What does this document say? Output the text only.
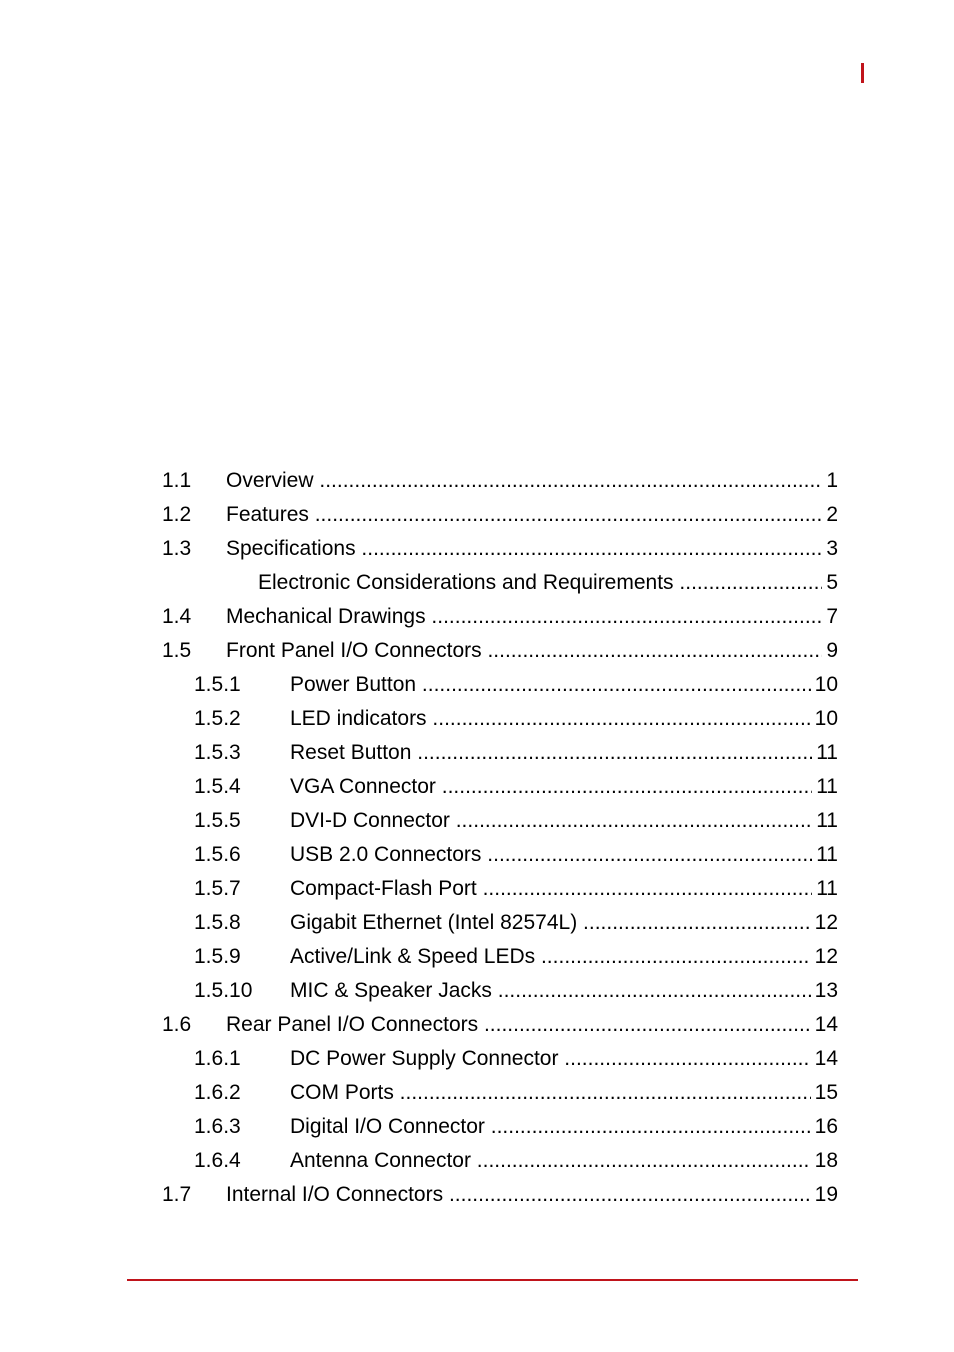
1.1 Overview .....	1
1.2 Features .....	2
1.3 Specifications .....	3
Electronic Considerations and Requirements .....	5
1.4 Mechanical Drawings .....	7
1.5 Front Panel I/O Connectors .....	9
1.5.1 Power Button .....	10
1.5.2 LED indicators .....	10
1.5.3 Reset Button .....	11
1.5.4 VGA Connector .....	11
1.5.5 DVI-D Connector .....	11
1.5.6 USB 2.0 Connectors .....	11
1.5.7 Compact-Flash Port .....	11
1.5.8 Gigabit Ethernet (Intel 82574L) .....	12
1.5.9 Active/Link & Speed LEDs .....	12
1.5.10 MIC & Speaker Jacks .....	13
1.6 Rear Panel I/O Connectors .....	14
1.6.1 DC Power Supply Connector .....	14
1.6.2 COM Ports .....	15
1.6.3 Digital I/O Connector .....	16
1.6.4 Antenna Connector .....	18
1.7 Internal I/O Connectors .....	19
